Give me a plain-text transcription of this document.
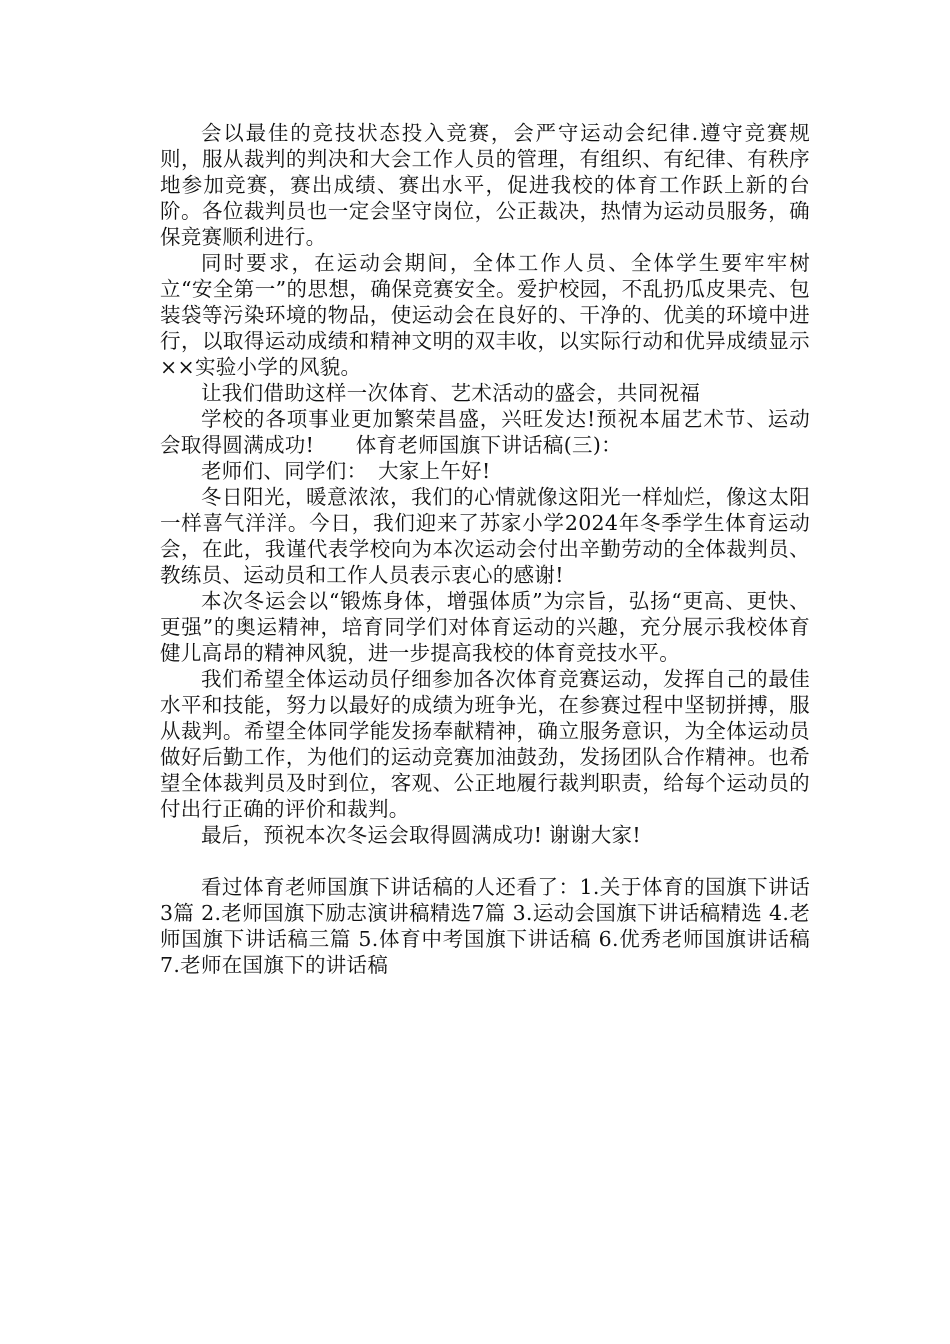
会以最佳的竞技状态投入竞赛，会严守运动会纪律.遵守竞赛规则，服从裁判的判决和大会工作人员的管理，有组织、有纪律、有秩序地参加竞赛，赛出成绩、赛出水平，促进我校的体育工作跃上新的台阶。各位裁判员也一定会坚守岗位，公正裁决，热情为运动员服务，确保竞赛顺利进行。

同时要求，在运动会期间，全体工作人员、全体学生要牢牢树立“安全第一”的思想，确保竞赛安全。爱护校园，不乱扔瓜皮果壳、包装袋等污染环境的物品，使运动会在良好的、干净的、优美的环境中进行，以取得运动成绩和精神文明的双丰收，以实际行动和优异成绩显示××实验小学的风貌。

让我们借助这样一次体育、艺术活动的盛会，共同祝福

学校的各项事业更加繁荣昌盛，兴旺发达!预祝本届艺术节、运动会取得圆满成功!　　体育老师国旗下讲话稿(三)：

老师们、同学们：　大家上午好!

冬日阳光，暖意浓浓，我们的心情就像这阳光一样灿烂，像这太阳一样喜气洋洋。今日，我们迎来了苏家小学2024年冬季学生体育运动会，在此，我谨代表学校向为本次运动会付出辛勤劳动的全体裁判员、教练员、运动员和工作人员表示衷心的感谢!

本次冬运会以“锻炼身体，增强体质”为宗旨，弘扬“更高、更快、更强”的奥运精神，培育同学们对体育运动的兴趣，充分展示我校体育健儿高昂的精神风貌，进一步提高我校的体育竞技水平。

我们希望全体运动员仔细参加各次体育竞赛运动，发挥自己的最佳水平和技能，努力以最好的成绩为班争光，在参赛过程中坚韧拼搏，服从裁判。希望全体同学能发扬奉献精神，确立服务意识，为全体运动员做好后勤工作，为他们的运动竞赛加油鼓劲，发扬团队合作精神。也希望全体裁判员及时到位，客观、公正地履行裁判职责，给每个运动员的付出行正确的评价和裁判。

最后，预祝本次冬运会取得圆满成功! 谢谢大家!

看过体育老师国旗下讲话稿的人还看了：1.关于体育的国旗下讲话3篇 2.老师国旗下励志演讲稿精选7篇 3.运动会国旗下讲话稿精选 4.老师国旗下讲话稿三篇 5.体育中考国旗下讲话稿 6.优秀老师国旗讲话稿 7.老师在国旗下的讲话稿
